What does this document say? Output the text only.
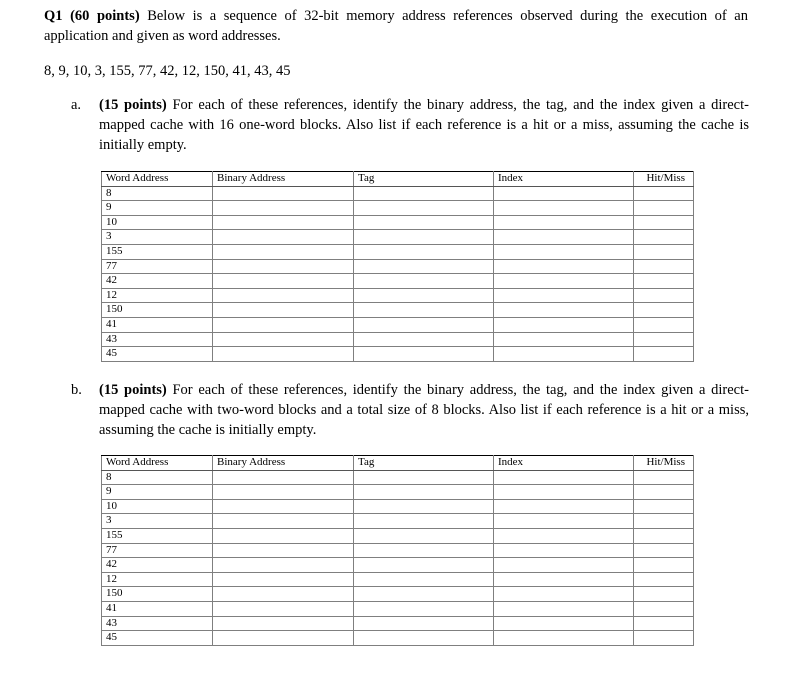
Q1 (60 points) Below is a sequence of 32-bit memory address references observed during the execution of an application and given as word addresses.
8, 9, 10, 3, 155, 77, 42, 12, 150, 41, 43, 45
a.	(15 points) For each of these references, identify the binary address, the tag, and the index given a direct-mapped cache with 16 one-word blocks. Also list if each reference is a hit or a miss, assuming the cache is initially empty.
Word Address	Binary Address	Tag	Index	Hit/Miss
8				
9				
10				
3				
155				
77				
42				
12				
150				
41				
43				
45				
b.	(15 points) For each of these references, identify the binary address, the tag, and the index given a direct-mapped cache with two-word blocks and a total size of 8 blocks. Also list if each reference is a hit or a miss, assuming the cache is initially empty.
Word Address	Binary Address	Tag	Index	Hit/Miss
8				
9				
10				
3				
155				
77				
42				
12				
150				
41				
43				
45				
